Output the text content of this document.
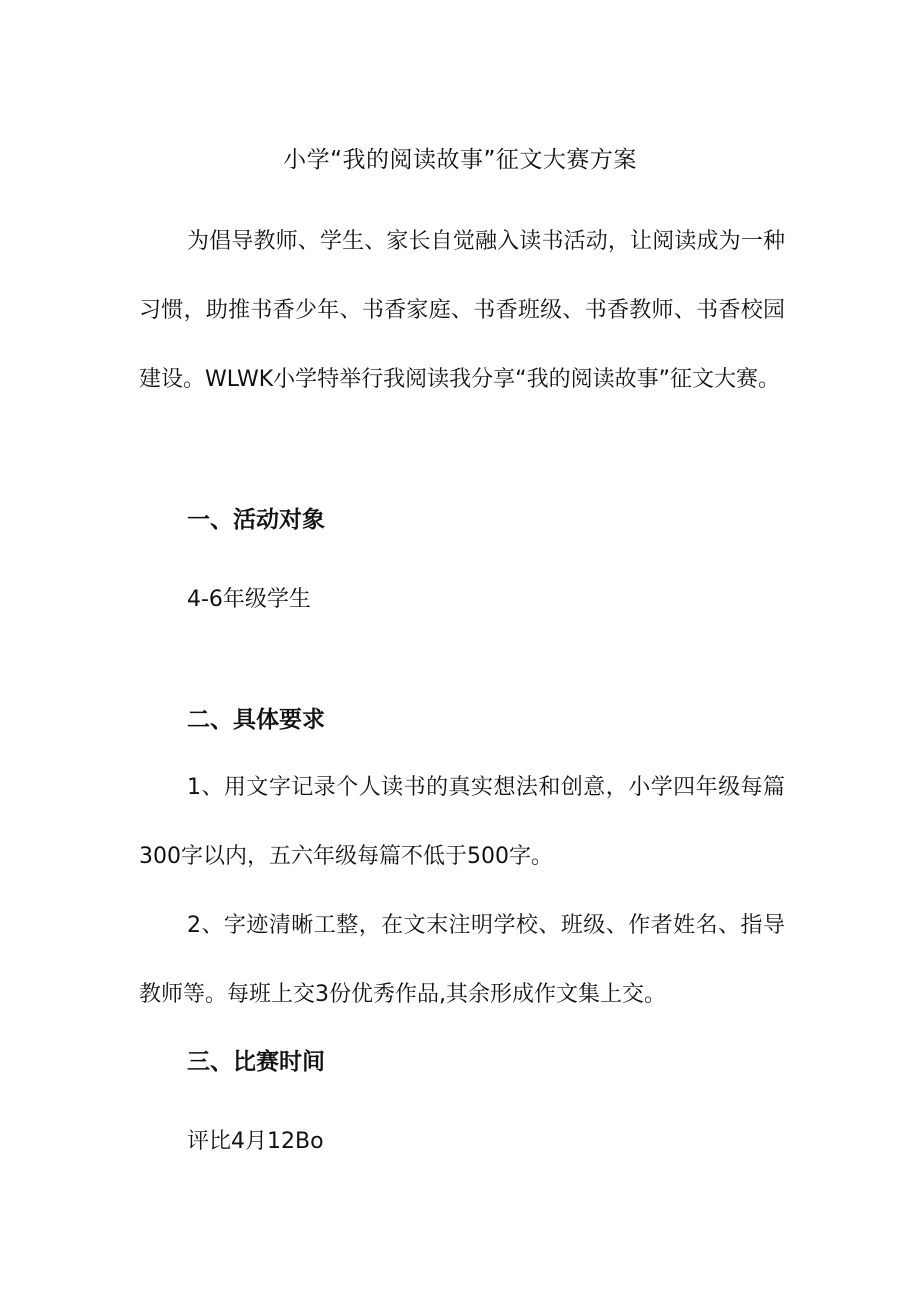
小学“我的阅读故事”征文大赛方案

为倡导教师、学生、家长自觉融入读书活动，让阅读成为一种习惯，助推书香少年、书香家庭、书香班级、书香教师、书香校园建设。WLWK小学特举行我阅读我分享“我的阅读故事”征文大赛。

一、活动对象

4-6年级学生

二、具体要求

1、用文字记录个人读书的真实想法和创意，小学四年级每篇300字以内，五六年级每篇不低于500字。

2、字迹清晰工整，在文末注明学校、班级、作者姓名、指导教师等。每班上交3份优秀作品,其余形成作文集上交。

三、比赛时间

评比4月12Bo
